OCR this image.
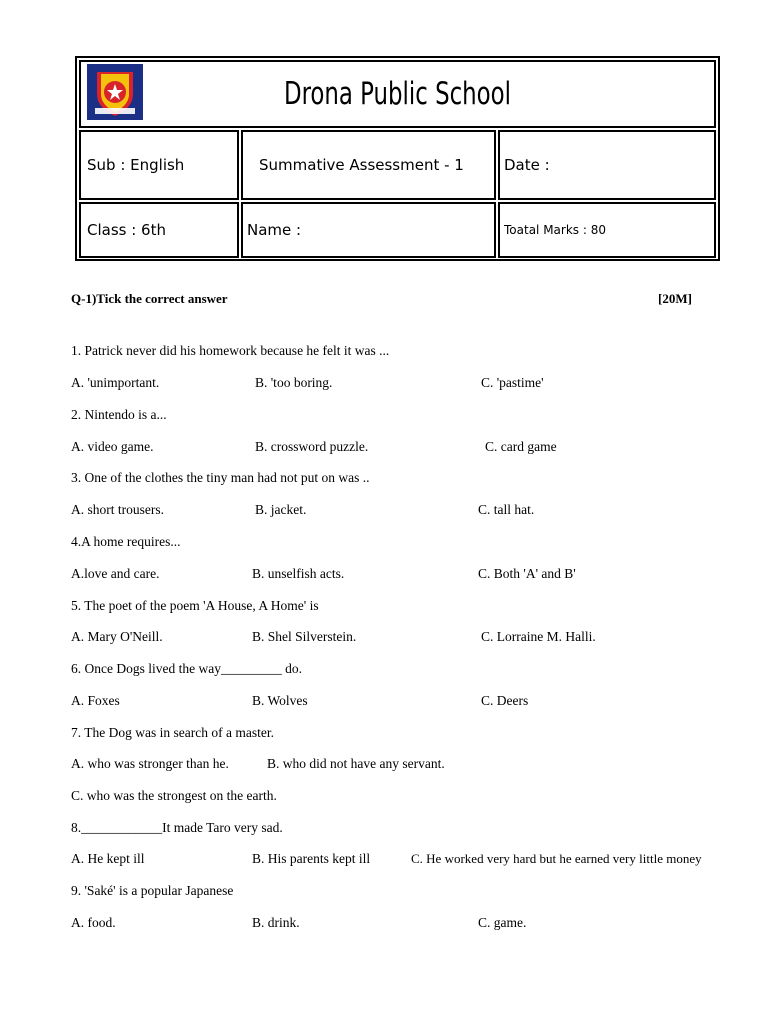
Drona Public School
Sub : English	Summative Assessment - 1	Date :
Class : 6th	Name :	Toatal Marks : 80
Q-1)Tick the correct answer	[20M]
1. Patrick never did his homework because he felt it was ...
A. 'unimportant.	B. 'too boring.	C. 'pastime'
2. Nintendo is a...
A. video game.	B. crossword puzzle.	C. card game
3. One of the clothes the tiny man had not put on was ..
A. short trousers.	B. jacket.	C. tall hat.
4.A home requires...
A.love and care.	B. unselfish acts.	C. Both 'A' and B'
5. The poet of the poem 'A House, A Home' is
A. Mary O'Neill.	B. Shel Silverstein.	C. Lorraine M. Halli.
6. Once Dogs lived the way_________ do.
A. Foxes	B. Wolves	C. Deers
7. The Dog was in search of a master.
A. who was stronger than he.	B. who did not have any servant.
C. who was the strongest on the earth.
8.____________It made Taro very sad.
A. He kept ill	B. His parents kept ill	C. He worked very hard but he earned very little money
9. 'Saké' is a popular Japanese
A. food.	B. drink.	C. game.
